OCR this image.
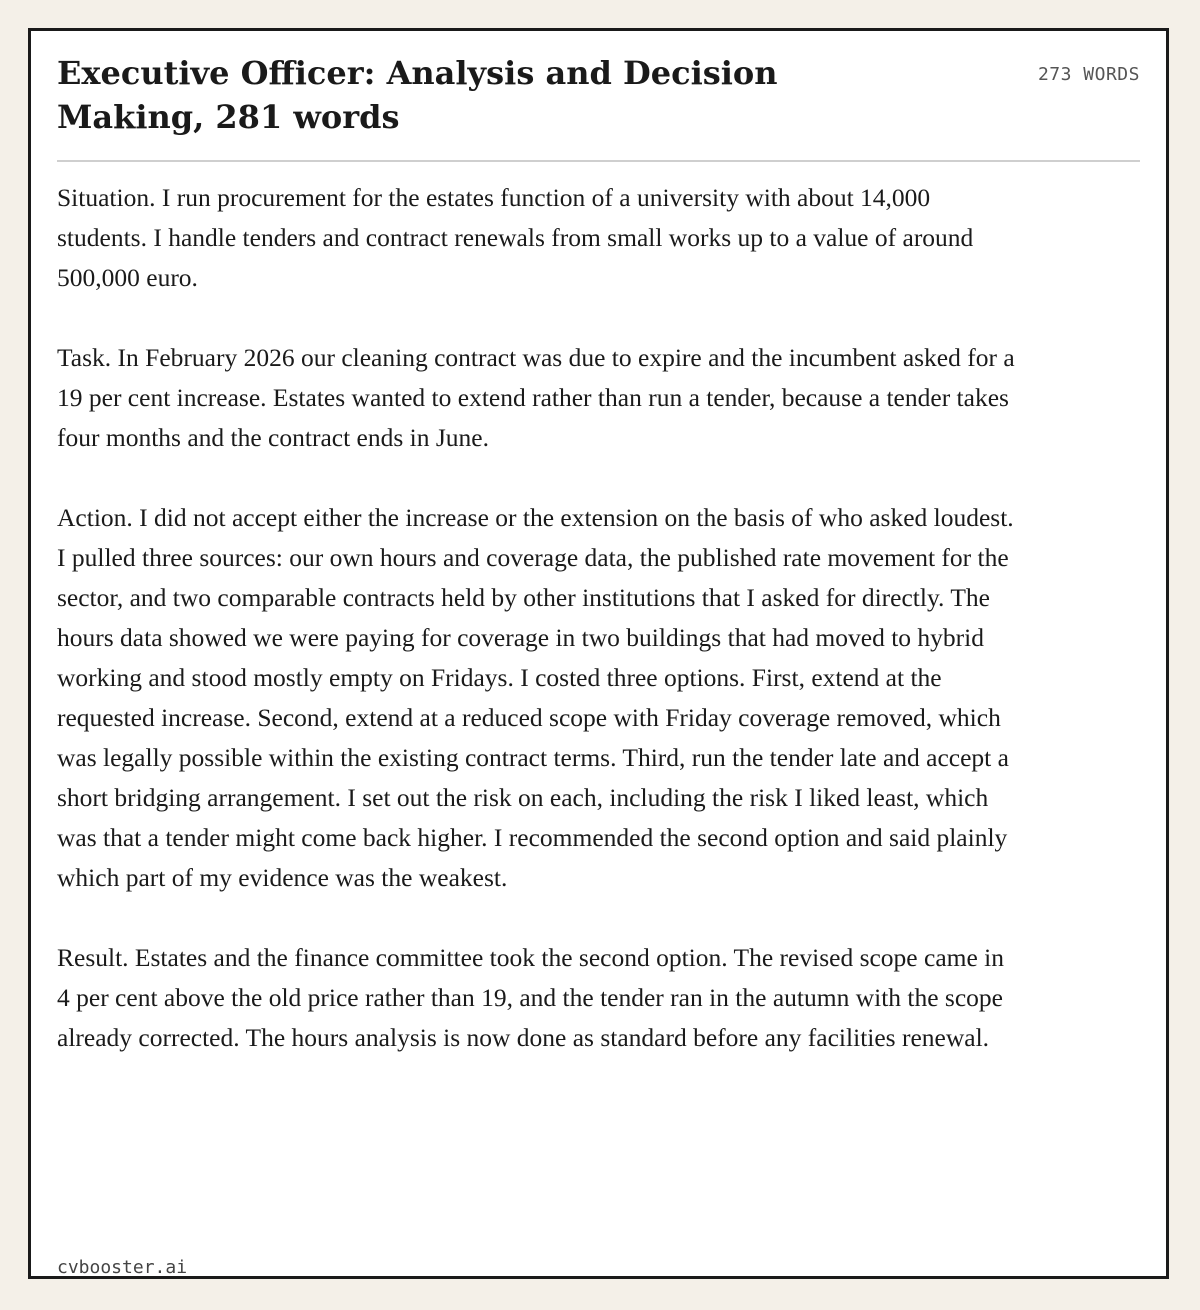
Executive Officer: Analysis and Decision Making, 281 words
273 WORDS

Situation. I run procurement for the estates function of a university with about 14,000 students. I handle tenders and contract renewals from small works up to a value of around 500,000 euro.

Task. In February 2026 our cleaning contract was due to expire and the incumbent asked for a 19 per cent increase. Estates wanted to extend rather than run a tender, because a tender takes four months and the contract ends in June.

Action. I did not accept either the increase or the extension on the basis of who asked loudest. I pulled three sources: our own hours and coverage data, the published rate movement for the sector, and two comparable contracts held by other institutions that I asked for directly. The hours data showed we were paying for coverage in two buildings that had moved to hybrid working and stood mostly empty on Fridays. I costed three options. First, extend at the requested increase. Second, extend at a reduced scope with Friday coverage removed, which was legally possible within the existing contract terms. Third, run the tender late and accept a short bridging arrangement. I set out the risk on each, including the risk I liked least, which was that a tender might come back higher. I recommended the second option and said plainly which part of my evidence was the weakest.

Result. Estates and the finance committee took the second option. The revised scope came in 4 per cent above the old price rather than 19, and the tender ran in the autumn with the scope already corrected. The hours analysis is now done as standard before any facilities renewal.

cvbooster.ai
